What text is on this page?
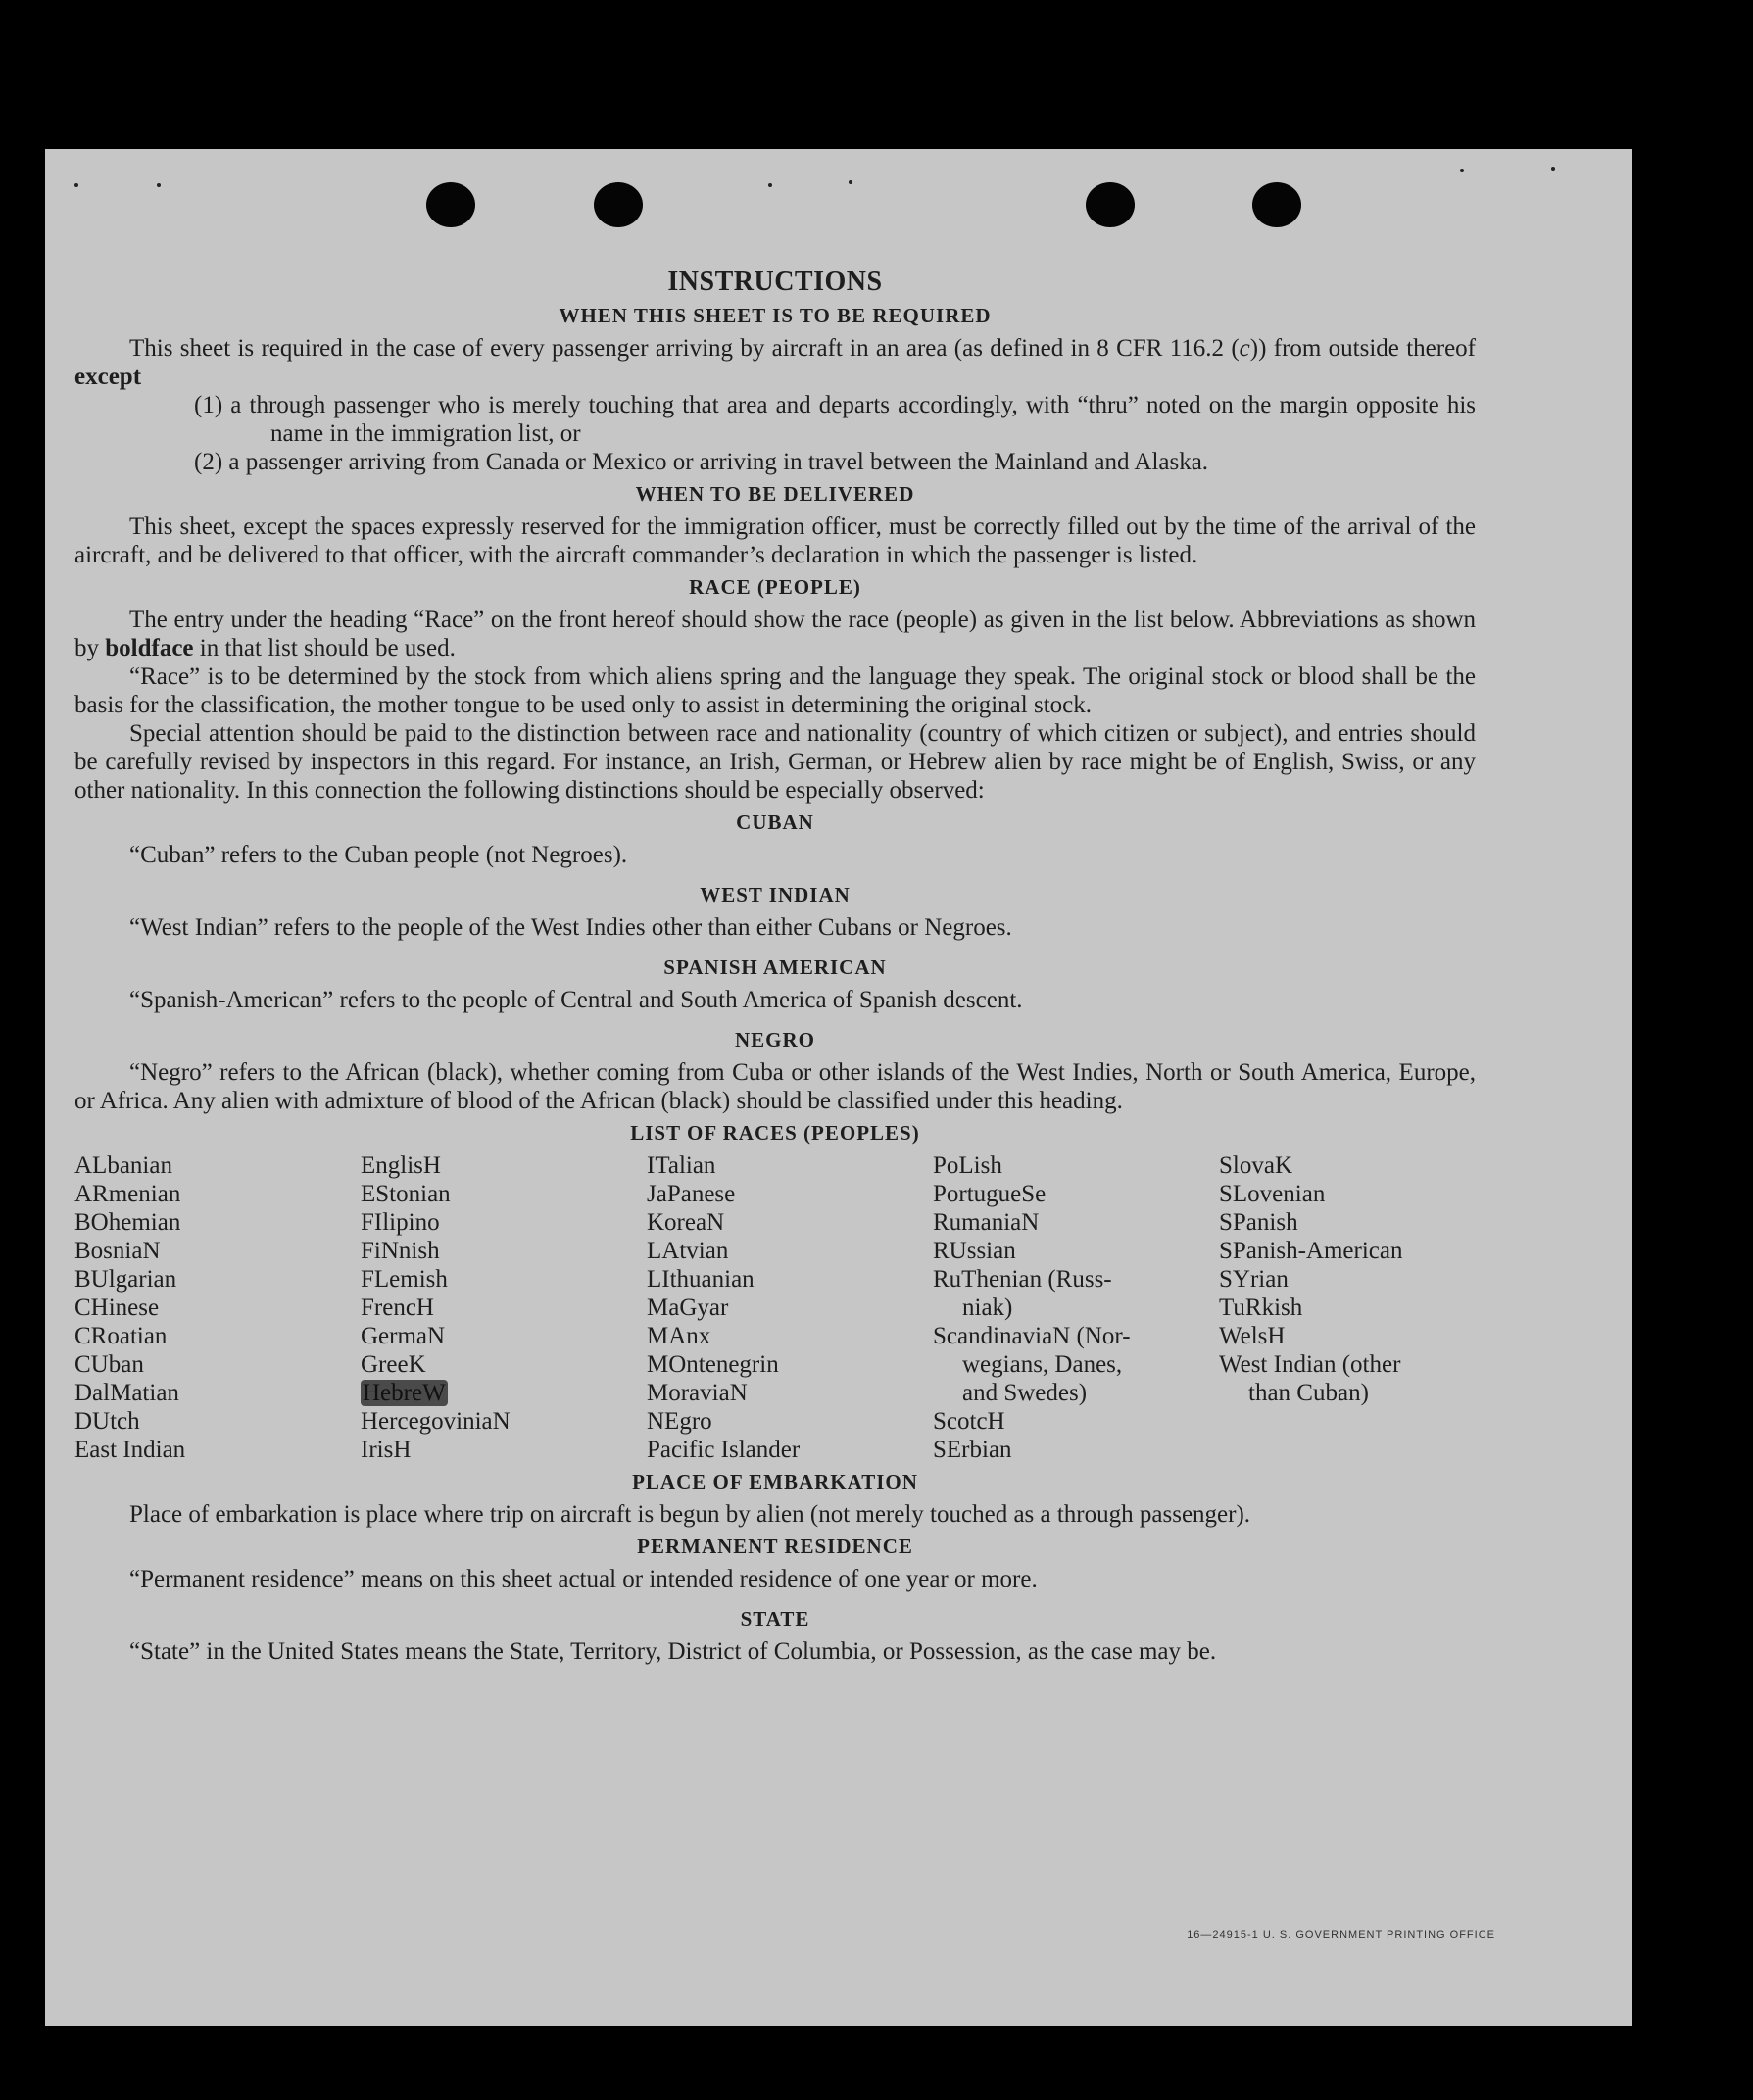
INSTRUCTIONS
WHEN THIS SHEET IS TO BE REQUIRED

This sheet is required in the case of every passenger arriving by aircraft in an area (as defined in 8 CFR 116.2 (c)) from outside thereof except

(1) a through passenger who is merely touching that area and departs accordingly, with “thru” noted on the margin opposite his name in the immigration list, or

(2) a passenger arriving from Canada or Mexico or arriving in travel between the Mainland and Alaska.

WHEN TO BE DELIVERED

This sheet, except the spaces expressly reserved for the immigration officer, must be correctly filled out by the time of the arrival of the aircraft, and be delivered to that officer, with the aircraft commander’s declaration in which the passenger is listed.

RACE (PEOPLE)

The entry under the heading “Race” on the front hereof should show the race (people) as given in the list below. Abbreviations as shown by boldface in that list should be used.

“Race” is to be determined by the stock from which aliens spring and the language they speak. The original stock or blood shall be the basis for the classification, the mother tongue to be used only to assist in determining the original stock.

Special attention should be paid to the distinction between race and nationality (country of which citizen or subject), and entries should be carefully revised by inspectors in this regard. For instance, an Irish, German, or Hebrew alien by race might be of English, Swiss, or any other nationality. In this connection the following distinctions should be especially observed:

CUBAN

“Cuban” refers to the Cuban people (not Negroes).

WEST INDIAN

“West Indian” refers to the people of the West Indies other than either Cubans or Negroes.

SPANISH AMERICAN

“Spanish-American” refers to the people of Central and South America of Spanish descent.

NEGRO

“Negro” refers to the African (black), whether coming from Cuba or other islands of the West Indies, North or South America, Europe, or Africa. Any alien with admixture of blood of the African (black) should be classified under this heading.

LIST OF RACES (PEOPLES)
ALbanian
ARmenian
BOhemian
BosniaN
BUlgarian
CHinese
CRoatian
CUban
DalMatian
DUtch
East Indian
EnglisH
EStonian
FIlipino
FiNnish
FLemish
FrencH
GermaN
GreeK
HebreW
HercegoviniaN
IrisH
ITalian
JaPanese
KoreaN
LAtvian
LIthuanian
MaGyar
MAnx
MOntenegrin
MoraviaN
NEgro
Pacific Islander
PoLish
PortugueSe
RumaniaN
RUssian
RuThenian (Russ-
niak)
ScandinaviaN (Nor-
wegians, Danes,
and Swedes)
ScotcH
SErbian
SlovaK
SLovenian
SPanish
SPanish-American
SYrian
TuRkish
WelsH
West Indian (other
than Cuban)
PLACE OF EMBARKATION

Place of embarkation is place where trip on aircraft is begun by alien (not merely touched as a through passenger).

PERMANENT RESIDENCE

“Permanent residence” means on this sheet actual or intended residence of one year or more.

STATE

“State” in the United States means the State, Territory, District of Columbia, or Possession, as the case may be.

16—24915-1 U. S. GOVERNMENT PRINTING OFFICE
